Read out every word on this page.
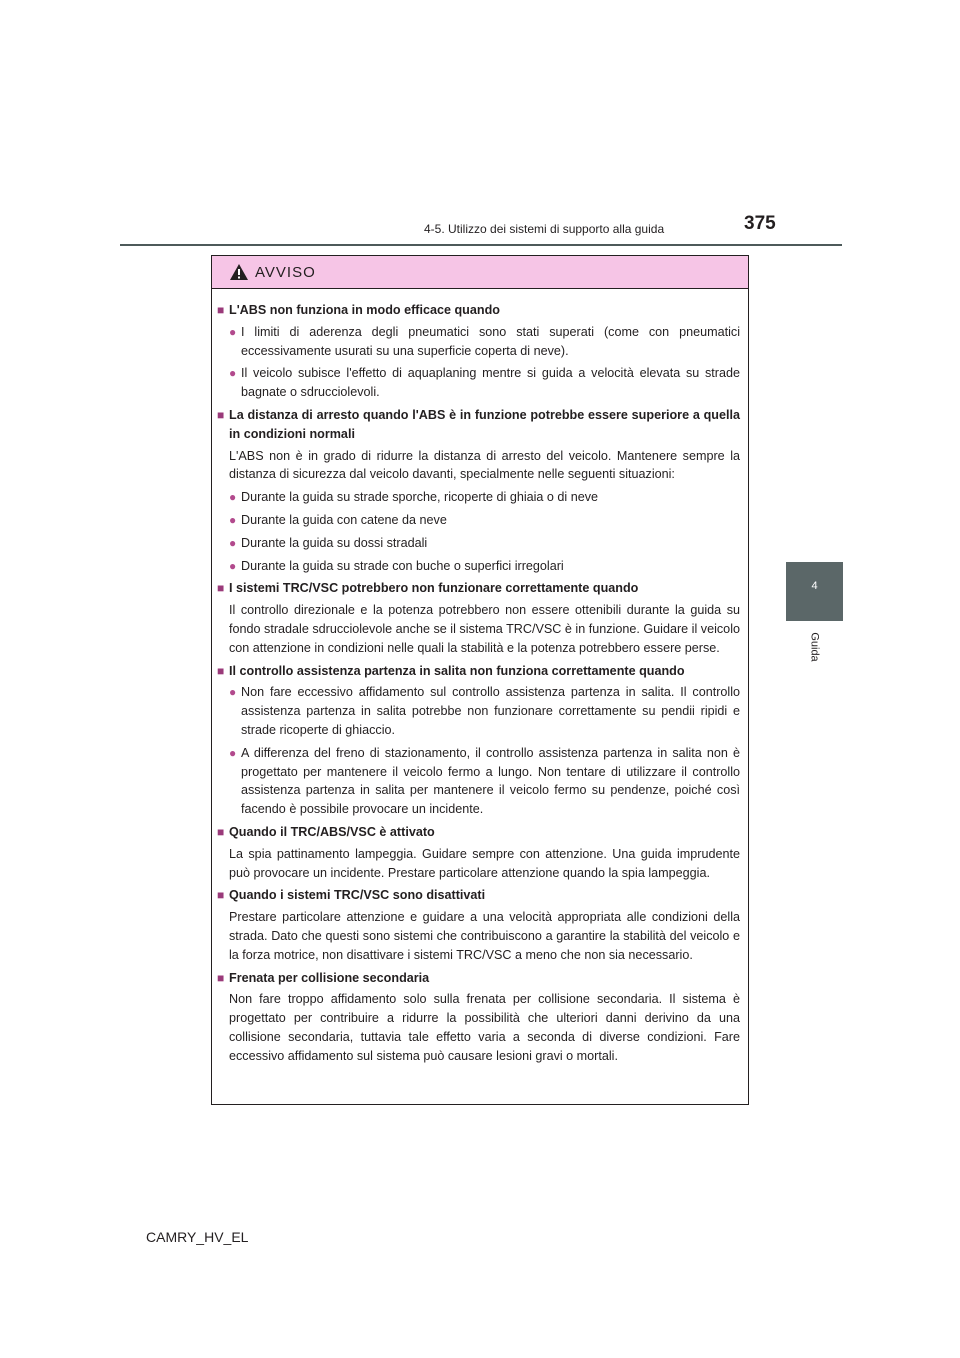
4-5. Utilizzo dei sistemi di supporto alla guida	375
4
Guida
AVVISO
■ L'ABS non funziona in modo efficace quando
● I limiti di aderenza degli pneumatici sono stati superati (come con pneumatici eccessivamente usurati su una superficie coperta di neve).
● Il veicolo subisce l'effetto di aquaplaning mentre si guida a velocità elevata su strade bagnate o sdrucciolevoli.
■ La distanza di arresto quando l'ABS è in funzione potrebbe essere superiore a quella in condizioni normali
L'ABS non è in grado di ridurre la distanza di arresto del veicolo. Mantenere sempre la distanza di sicurezza dal veicolo davanti, specialmente nelle seguenti situazioni:
● Durante la guida su strade sporche, ricoperte di ghiaia o di neve
● Durante la guida con catene da neve
● Durante la guida su dossi stradali
● Durante la guida su strade con buche o superfici irregolari
■ I sistemi TRC/VSC potrebbero non funzionare correttamente quando
Il controllo direzionale e la potenza potrebbero non essere ottenibili durante la guida su fondo stradale sdrucciolevole anche se il sistema TRC/VSC è in funzione. Guidare il veicolo con attenzione in condizioni nelle quali la stabilità e la potenza potrebbero essere perse.
■ Il controllo assistenza partenza in salita non funziona correttamente quando
● Non fare eccessivo affidamento sul controllo assistenza partenza in salita. Il controllo assistenza partenza in salita potrebbe non funzionare correttamente su pendii ripidi e strade ricoperte di ghiaccio.
● A differenza del freno di stazionamento, il controllo assistenza partenza in salita non è progettato per mantenere il veicolo fermo a lungo. Non tentare di utilizzare il controllo assistenza partenza in salita per mantenere il veicolo fermo su pendenze, poiché così facendo è possibile provocare un incidente.
■ Quando il TRC/ABS/VSC è attivato
La spia pattinamento lampeggia. Guidare sempre con attenzione. Una guida imprudente può provocare un incidente. Prestare particolare attenzione quando la spia lampeggia.
■ Quando i sistemi TRC/VSC sono disattivati
Prestare particolare attenzione e guidare a una velocità appropriata alle condizioni della strada. Dato che questi sono sistemi che contribuiscono a garantire la stabilità del veicolo e la forza motrice, non disattivare i sistemi TRC/VSC a meno che non sia necessario.
■ Frenata per collisione secondaria
Non fare troppo affidamento solo sulla frenata per collisione secondaria. Il sistema è progettato per contribuire a ridurre la possibilità che ulteriori danni derivino da una collisione secondaria, tuttavia tale effetto varia a seconda di diverse condizioni. Fare eccessivo affidamento sul sistema può causare lesioni gravi o mortali.
CAMRY_HV_EL
